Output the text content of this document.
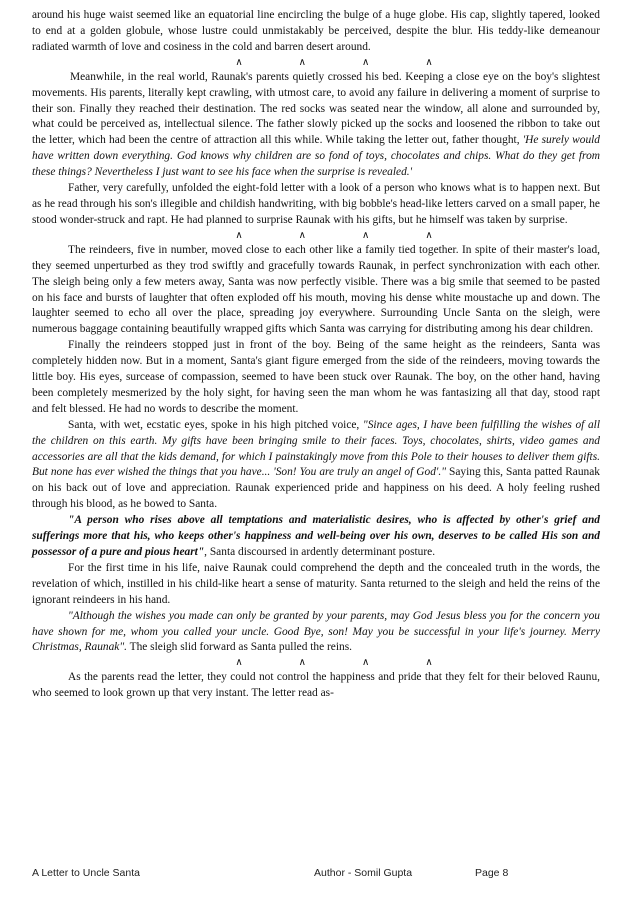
around his huge waist seemed like an equatorial line encircling the bulge of a huge globe. His cap, slightly tapered, looked to end at a golden globule, whose lustre could unmistakably be perceived, despite the blur. His teddy-like demeanour radiated warmth of love and cosiness in the cold and barren desert around.

∧	∧	∧	∧

Meanwhile, in the real world, Raunak's parents quietly crossed his bed. Keeping a close eye on the boy's slightest movements. His parents, literally kept crawling, with utmost care, to avoid any failure in delivering a moment of surprise to their son. Finally they reached their destination. The red socks was seated near the window, all alone and surrounded by, what could be perceived as, intellectual silence. The father slowly picked up the socks and loosened the ribbon to take out the letter, which had been the centre of attraction all this while. While taking the letter out, father thought, 'He surely would have written down everything. God knows why children are so fond of toys, chocolates and chips. What do they get from these things? Nevertheless I just want to see his face when the surprise is revealed.'

Father, very carefully, unfolded the eight-fold letter with a look of a person who knows what is to happen next. But as he read through his son's illegible and childish handwriting, with big bobble's head-like letters carved on a small paper, he stood wonder-struck and rapt. He had planned to surprise Raunak with his gifts, but he himself was taken by surprise.

∧	∧	∧	∧

The reindeers, five in number, moved close to each other like a family tied together. In spite of their master's load, they seemed unperturbed as they trod swiftly and gracefully towards Raunak, in perfect synchronization with each other. The sleigh being only a few meters away, Santa was now perfectly visible. There was a big smile that seemed to be pasted on his face and bursts of laughter that often exploded off his mouth, moving his dense white moustache up and down. The laughter seemed to echo all over the place, spreading joy everywhere. Surrounding Uncle Santa on the sleigh, were numerous baggage containing beautifully wrapped gifts which Santa was carrying for distributing among his dear children.

Finally the reindeers stopped just in front of the boy. Being of the same height as the reindeers, Santa was completely hidden now. But in a moment, Santa's giant figure emerged from the side of the reindeers, moving towards the little boy. His eyes, surcease of compassion, seemed to have been stuck over Raunak. The boy, on the other hand, having been completely mesmerized by the holy sight, for having seen the man whom he was fantasizing all that day, stood rapt and felt blessed. He had no words to describe the moment.

Santa, with wet, ecstatic eyes, spoke in his high pitched voice, "Since ages, I have been fulfilling the wishes of all the children on this earth. My gifts have been bringing smile to their faces. Toys, chocolates, shirts, video games and accessories are all that the kids demand, for which I painstakingly move from this Pole to their houses to deliver them gifts. But none has ever wished the things that you have... 'Son! You are truly an angel of God'." Saying this, Santa patted Raunak on his back out of love and appreciation. Raunak experienced pride and happiness on his deed. A holy feeling rushed through his blood, as he bowed to Santa.

"A person who rises above all temptations and materialistic desires, who is affected by other's grief and sufferings more that his, who keeps other's happiness and well-being over his own, deserves to be called His son and possessor of a pure and pious heart", Santa discoursed in ardently determinant posture.

For the first time in his life, naive Raunak could comprehend the depth and the concealed truth in the words, the revelation of which, instilled in his child-like heart a sense of maturity. Santa returned to the sleigh and held the reins of the ignorant reindeers in his hand.

"Although the wishes you made can only be granted by your parents, may God Jesus bless you for the concern you have shown for me, whom you called your uncle. Good Bye, son! May you be successful in your life's journey. Merry Christmas, Raunak". The sleigh slid forward as Santa pulled the reins.

∧	∧	∧	∧

As the parents read the letter, they could not control the happiness and pride that they felt for their beloved Raunu, who seemed to look grown up that very instant. The letter read as-

A Letter to Uncle Santa	Author - Somil Gupta	Page 8
